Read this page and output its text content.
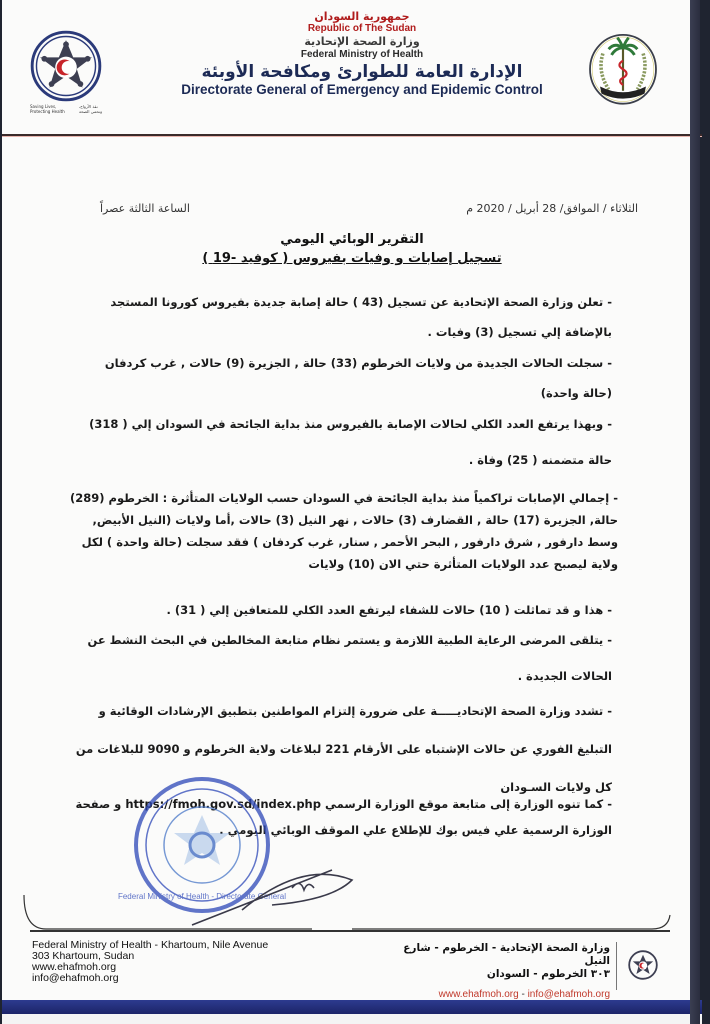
Saving Lives, Protecting Health
نقذ الأرواح، ونحمي الصحة
جمهورية السودان
Republic of The Sudan
وزارة الصحة الإتحادية
Federal Ministry of Health
الإدارة العامة للطوارئ ومكافحة الأوبئة
Directorate General of Emergency and Epidemic Control
الثلاثاء / الموافق/ 28 أبريل / 2020 م
الساعة الثالثة عصراً
التقرير الوبائي اليومي
تسجيل إصابات و وفيات بفيروس ( كوفيد -19 )
- تعلن وزارة الصحة الإتحادية عن تسجيل (43 ) حالة إصابة جديدة بفيروس كورونا المستجد بالإضافة إلي تسجيل (3) وفيات .
- سجلت الحالات الجديدة من ولايات الخرطوم (33) حالة , الجزيرة (9) حالات , غرب كردفان (حالة واحدة)
- وبهذا يرتفع العدد الكلي لحالات الإصابة بالفيروس منذ بداية الجائحة في السودان إلي ( 318) حالة متضمنه ( 25) وفاة .
- إجمالي الإصابات تراكمياً منذ بداية الجائحة في السودان حسب الولايات المتأثرة : الخرطوم (289) حالة, الجزيرة (17) حالة , القضارف (3) حالات , نهر النيل (3) حالات ,أما ولايات (النيل الأبيض, وسط دارفور , شرق دارفور , البحر الأحمر , سنار, غرب كردفان ) فقد سجلت (حالة واحدة ) لكل ولاية ليصبح عدد الولايات المتأثرة حتي الان (10) ولايات
- هذا و قد تماثلت ( 10) حالات للشفاء ليرتفع العدد الكلي للمتعافين إلي ( 31) .
- يتلقى المرضى الرعاية الطبية اللازمة و يستمر نظام متابعة المخالطين في البحث النشط عن الحالات الجديدة .
- تشدد وزارة الصحة الإتحاديـــــة على ضرورة إلتزام المواطنين بتطبيق الإرشادات الوقائية و التبليغ الفوري عن حالات الإشتباه على الأرقام 221 لبلاغات ولاية الخرطوم و 9090 للبلاغات من كل ولايات السـودان
- كما تنوه الوزارة إلى متابعة موقع الوزارة الرسمي https://fmoh.gov.sd/index.php و صفحة الوزارة الرسمية علي فيس بوك للإطلاع علي الموقف الوبائي اليومي .
Federal Ministry of Health - Directorate General
Federal Ministry of Health - Khartoum, Nile Avenue
303 Khartoum, Sudan
www.ehafmoh.org
info@ehafmoh.org
وزارة الصحة الإتحادية - الخرطوم - شارع النيل
٣٠٣ الخرطوم - السودان
www.ehafmoh.org - info@ehafmoh.org
